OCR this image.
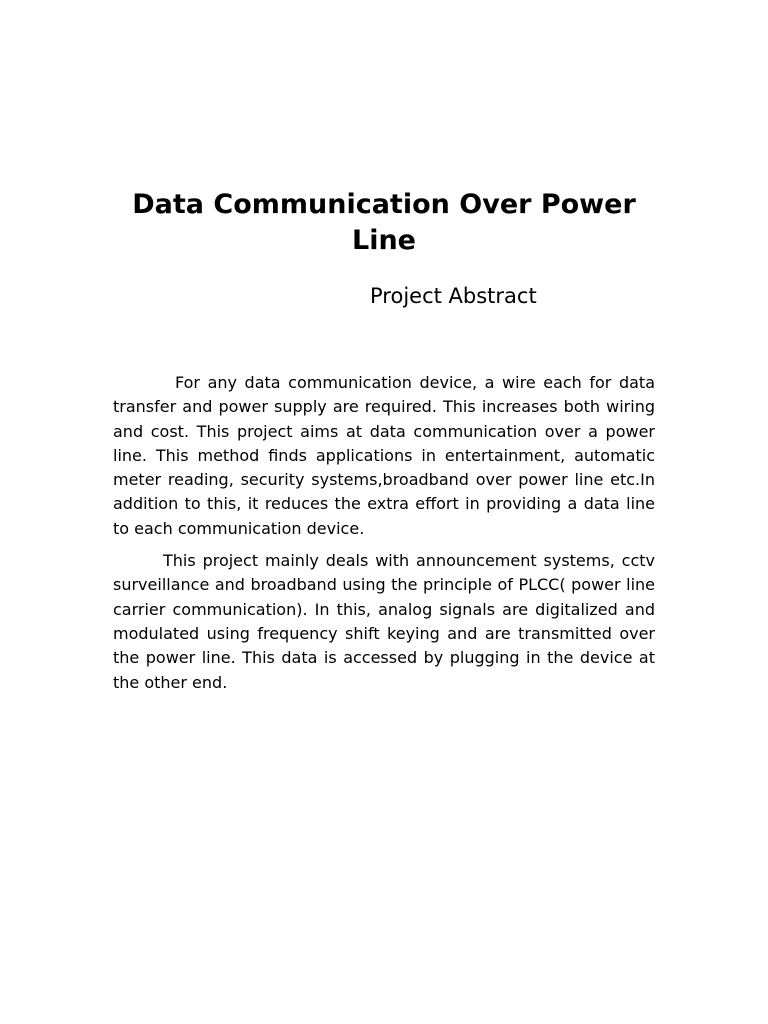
Data Communication Over Power Line
Project Abstract

For any data communication device, a wire each for data transfer and power supply are required. This increases both wiring and cost. This project aims at data communication over a power line. This method finds applications in entertainment, automatic meter reading, security systems,broadband over power line etc.In addition to this, it reduces the extra effort in providing a data line to each communication device.

This project mainly deals with announcement systems, cctv surveillance and broadband using the principle of PLCC( power line carrier communication). In this, analog signals are digitalized and modulated using frequency shift keying and are transmitted over the power line. This data is accessed by plugging in the device at the other end.
